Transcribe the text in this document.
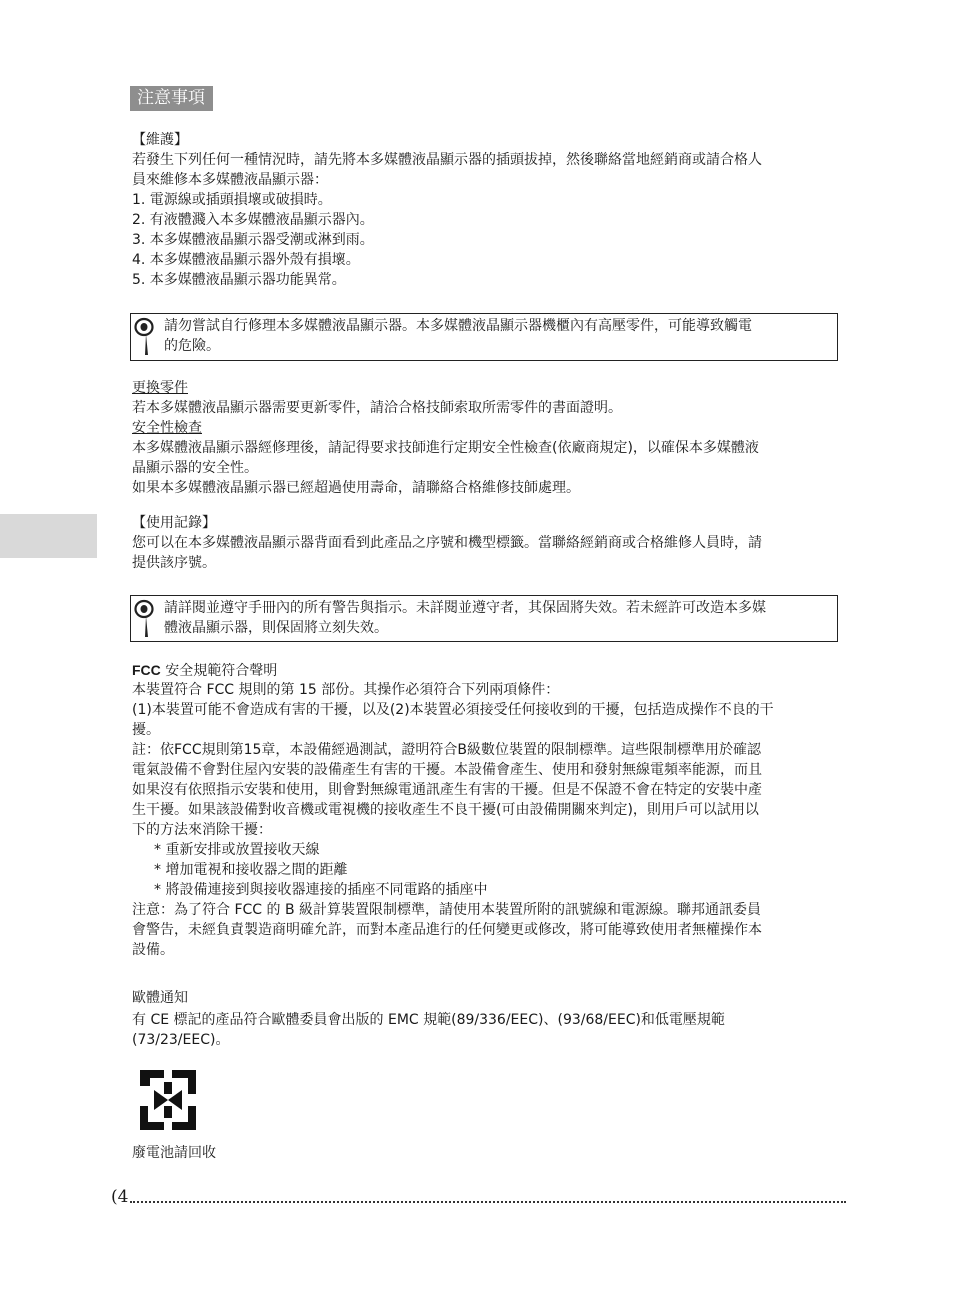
注意事項
【維護】
若發生下列任何一種情況時，請先將本多媒體液晶顯示器的插頭拔掉，然後聯絡當地經銷商或請合格人
員來維修本多媒體液晶顯示器：
1. 電源線或插頭損壞或破損時。
2. 有液體濺入本多媒體液晶顯示器內。
3. 本多媒體液晶顯示器受潮或淋到雨。
4. 本多媒體液晶顯示器外殼有損壞。
5. 本多媒體液晶顯示器功能異常。
請勿嘗試自行修理本多媒體液晶顯示器。本多媒體液晶顯示器機櫃內有高壓零件，可能導致觸電
的危險。
更換零件
若本多媒體液晶顯示器需要更新零件，請洽合格技師索取所需零件的書面證明。
安全性檢查
本多媒體液晶顯示器經修理後，請記得要求技師進行定期安全性檢查(依廠商規定)，以確保本多媒體液
晶顯示器的安全性。
如果本多媒體液晶顯示器已經超過使用壽命，請聯絡合格維修技師處理。
【使用記錄】
您可以在本多媒體液晶顯示器背面看到此產品之序號和機型標籤。當聯絡經銷商或合格維修人員時，請
提供該序號。
請詳閱並遵守手冊內的所有警告與指示。未詳閱並遵守者，其保固將失效。若未經許可改造本多媒
體液晶顯示器，則保固將立刻失效。
FCC 安全規範符合聲明
本裝置符合 FCC 規則的第 15 部份。其操作必須符合下列兩項條件：
(1)本裝置可能不會造成有害的干擾，以及(2)本裝置必須接受任何接收到的干擾，包括造成操作不良的干
擾。
註：依FCC規則第15章，本設備經過測試，證明符合B級數位裝置的限制標準。這些限制標準用於確認
電氣設備不會對住屋內安裝的設備產生有害的干擾。本設備會產生、使用和發射無線電頻率能源，而且
如果沒有依照指示安裝和使用，則會對無線電通訊產生有害的干擾。但是不保證不會在特定的安裝中產
生干擾。如果該設備對收音機或電視機的接收產生不良干擾(可由設備開關來判定)，則用戶可以試用以
下的方法來消除干擾：
* 重新安排或放置接收天線
* 增加電視和接收器之間的距離
* 將設備連接到與接收器連接的插座不同電路的插座中
注意：為了符合 FCC 的 B 級計算裝置限制標準，請使用本裝置所附的訊號線和電源線。聯邦通訊委員
會警告，未經負責製造商明確允許，而對本產品進行的任何變更或修改，將可能導致使用者無權操作本
設備。
歐體通知
有 CE 標記的產品符合歐體委員會出版的 EMC 規範(89/336/EEC)、(93/68/EEC)和低電壓規範
(73/23/EEC)。
廢電池請回收
(4
